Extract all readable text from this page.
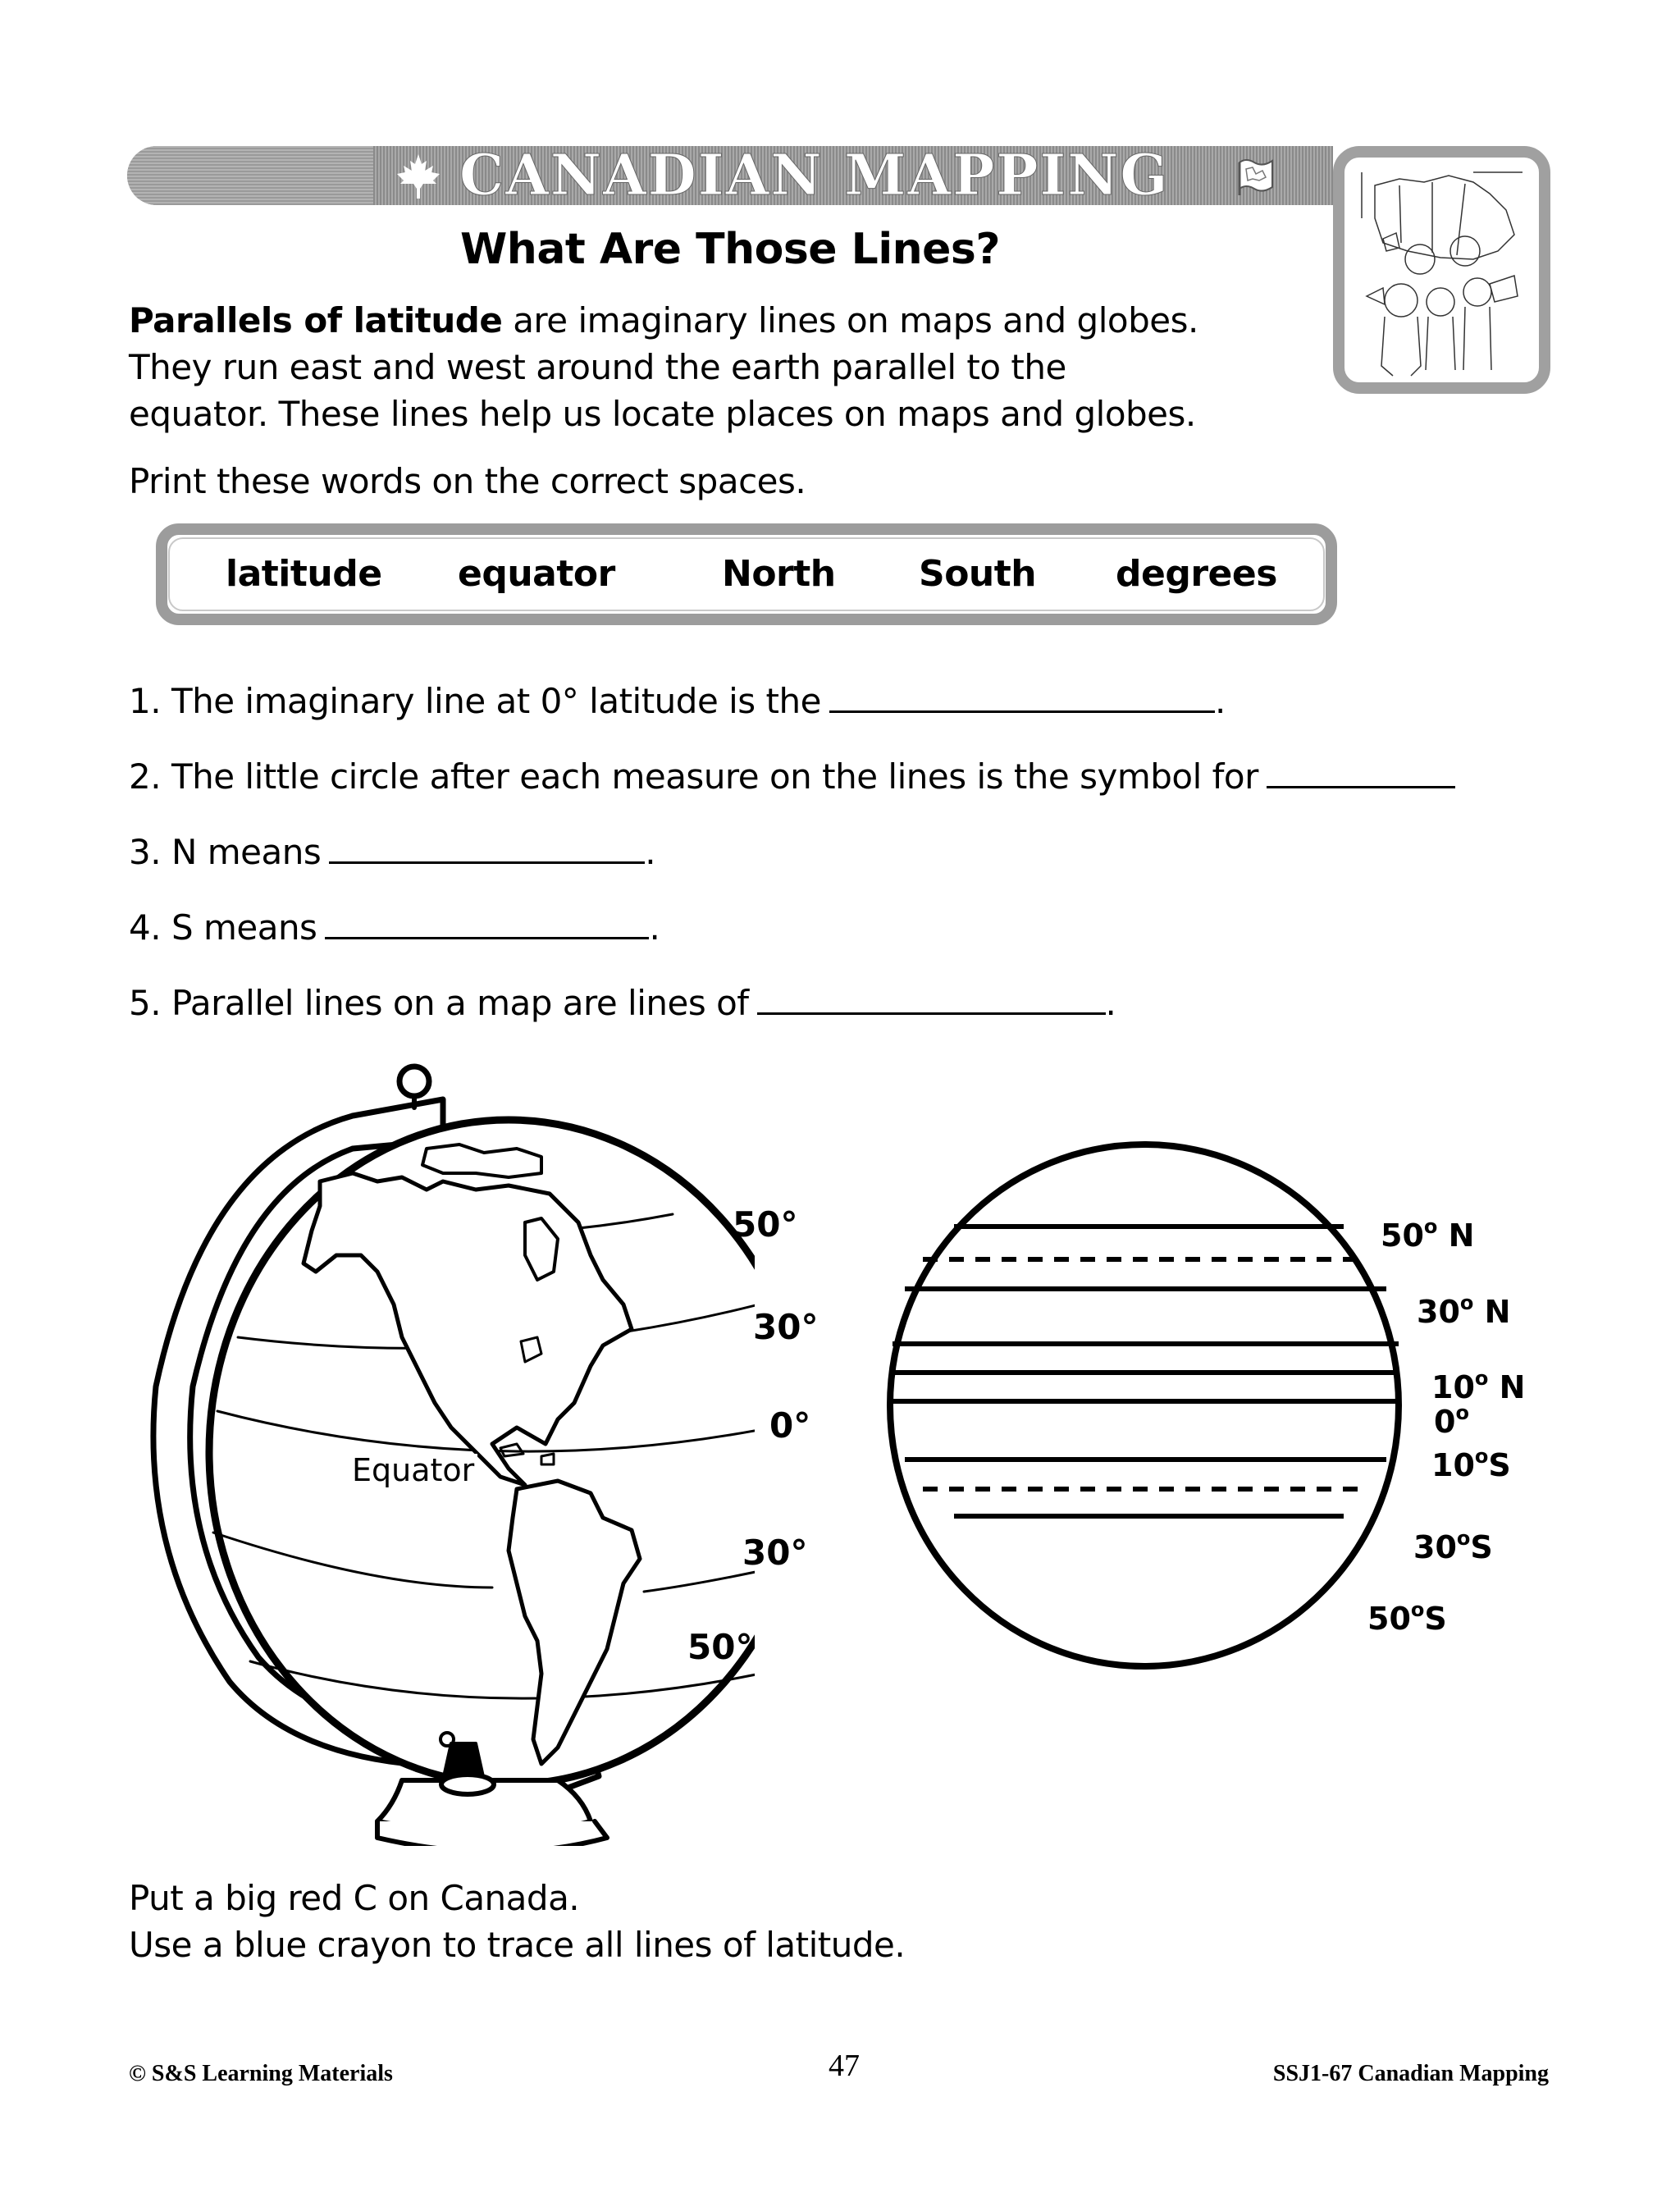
CANADIAN MAPPING
What Are Those Lines?
Parallels of latitude are imaginary lines on maps and globes.
They run east and west around the earth parallel to the
equator. These lines help us locate places on maps and globes.
Print these words on the correct spaces.
latitude equator	North South degrees
1. The imaginary line at 0° latitude is the	.
2. The little circle after each measure on the lines is the symbol for
3. N means	.
4. S means	.
5. Parallel lines on a map are lines of	.
Equator
50°
30°
0°
30°
50°
50$^o$ N
30$^o$ N
10$^o$ N
0$^o$
10$^o$S
30$^o$S
50$^o$S
Put a big red C on Canada.
Use a blue crayon to trace all lines of latitude.
© S&S Learning Materials	47	SSJ1-67 Canadian Mapping
